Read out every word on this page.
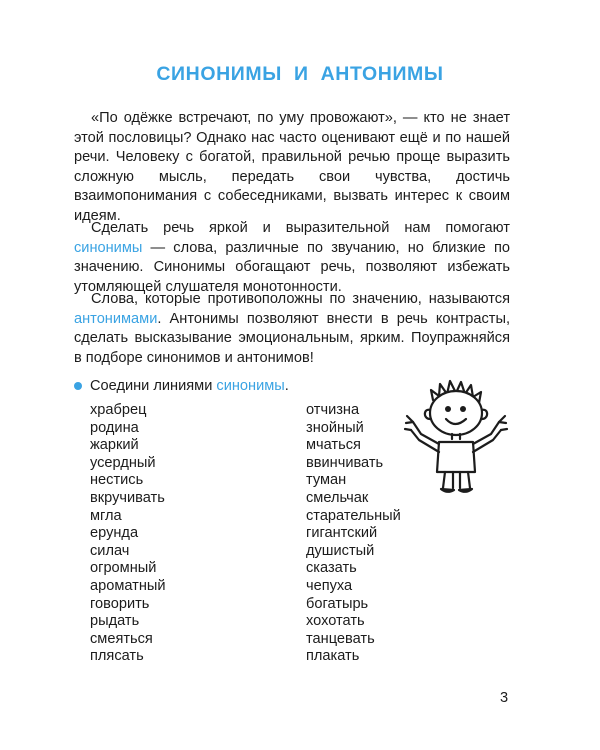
СИНОНИМЫ И АНТОНИМЫ

«По одёжке встречают, по уму провожают», — кто не знает этой пословицы? Однако нас часто оценивают ещё и по нашей речи. Человеку с богатой, правильной речью проще выразить сложную мысль, передать свои чувства, достичь взаимопонимания с собеседниками, вызвать интерес к своим идеям.

Сделать речь яркой и выразительной нам помогают синонимы — слова, различные по звучанию, но близкие по значению. Синонимы обогащают речь, позволяют избежать утомляющей слушателя монотонности.

Слова, которые противоположны по значению, называются антонимами. Антонимы позволяют внести в речь контрасты, сделать высказывание эмоциональным, ярким. Поупражняйся в подборе синонимов и антонимов!

Соедини линиями синонимы.
храбрец
родина
жаркий
усердный
нестись
вкручивать
мгла
ерунда
силач
огромный
ароматный
говорить
рыдать
смеяться
плясать
отчизна
знойный
мчаться
ввинчивать
туман
смельчак
старательный
гигантский
душистый
сказать
чепуха
богатырь
хохотать
танцевать
плакать
3
